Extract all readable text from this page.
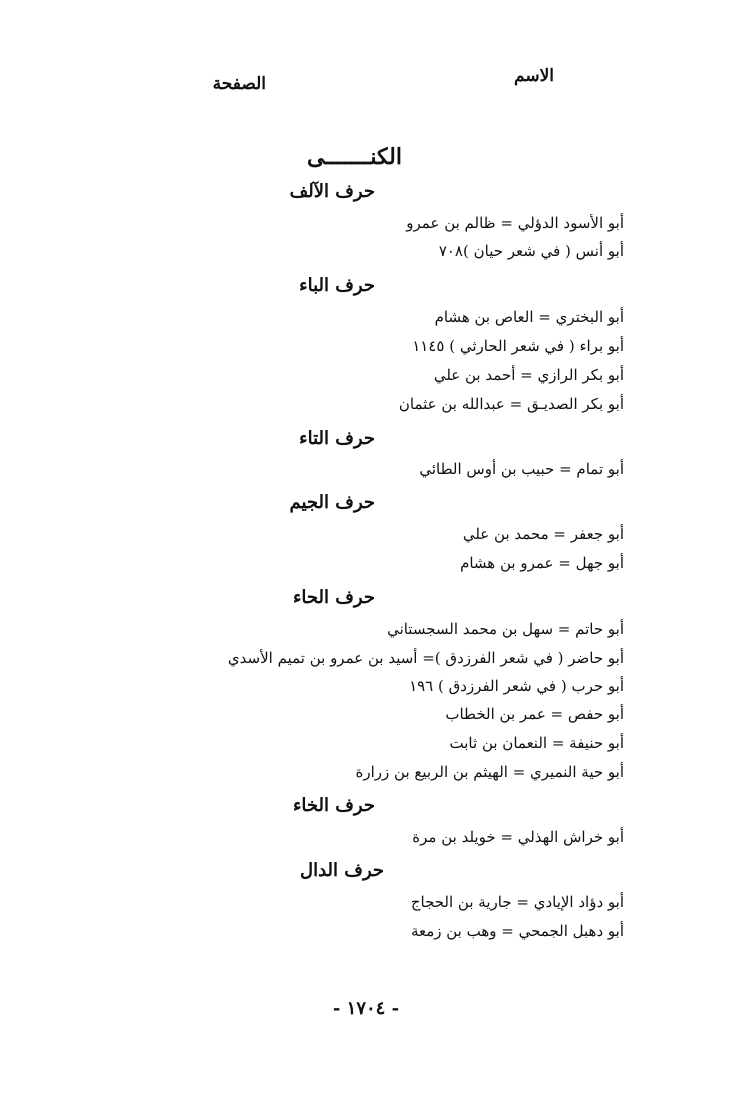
الاسم
الصفحة
الكنـــــــى
حرف الآلف
أبو الأسود الدؤلي = ظالم بن عمرو
أبو أنس ( في شعر حيان )٧٠٨
حرف الباء
أبو البختري = العاص بن هشام
أبو براء ( في شعر الحارثي ) ١١٤٥
أبو بكر الرازي = أحمد بن علي
أبو بكر الصديـق = عبدالله بن عثمان
حرف التاء
أبو تمام = حبيب بن أوس الطائي
حرف الجيم
أبو جعفر = محمد بن علي
أبو جهل = عمرو بن هشام
حرف الحاء
أبو حاتم = سهل بن محمد السجستاني
أبو حاضر ( في شعر الفرزدق )= أسيد بن عمرو بن تميم الأسدي
أبو حرب ( في شعر الفرزدق ) ١٩٦
أبو حفص = عمر بن الخطاب
أبو حنيفة = النعمان بن ثابت
أبو حية النميري = الهيثم بن الربيع بن زرارة
حرف الخاء
أبو خراش الهذلي = خويلد بن مرة
حرف الدال
أبو دؤاد الإيادي = جارية بن الحجاج
أبو دهبل الجمحي = وهب بن زمعة
- ١٧٠٤ -
